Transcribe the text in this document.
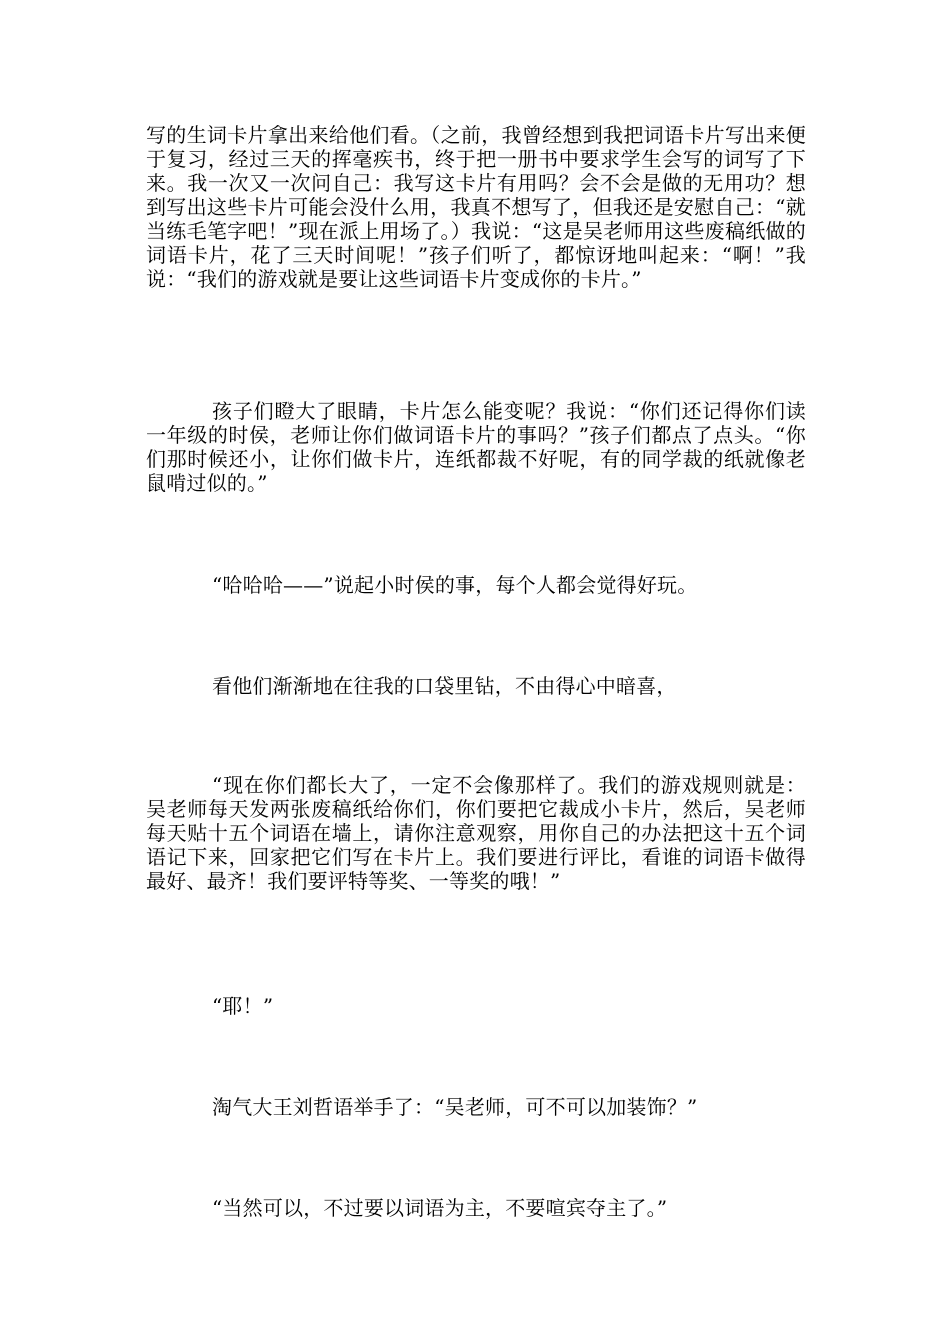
写的生词卡片拿出来给他们看。（之前，我曾经想到我把词语卡片写出来便于复习，经过三天的挥毫疾书，终于把一册书中要求学生会写的词写了下来。我一次又一次问自己：我写这卡片有用吗？会不会是做的无用功？想到写出这些卡片可能会没什么用，我真不想写了，但我还是安慰自己：“就当练毛笔字吧！”现在派上用场了。）我说：“这是吴老师用这些废稿纸做的词语卡片，花了三天时间呢！”孩子们听了，都惊讶地叫起来：“啊！”我说：“我们的游戏就是要让这些词语卡片变成你的卡片。”

孩子们瞪大了眼睛，卡片怎么能变呢？我说：“你们还记得你们读一年级的时侯，老师让你们做词语卡片的事吗？”孩子们都点了点头。“你们那时候还小，让你们做卡片，连纸都裁不好呢，有的同学裁的纸就像老鼠啃过似的。”

“哈哈哈——”说起小时侯的事，每个人都会觉得好玩。

看他们渐渐地在往我的口袋里钻，不由得心中暗喜，

“现在你们都长大了，一定不会像那样了。我们的游戏规则就是：吴老师每天发两张废稿纸给你们，你们要把它裁成小卡片，然后，吴老师每天贴十五个词语在墙上，请你注意观察，用你自己的办法把这十五个词语记下来，回家把它们写在卡片上。我们要进行评比，看谁的词语卡做得最好、最齐！我们要评特等奖、一等奖的哦！”

“耶！”

淘气大王刘哲语举手了：“吴老师，可不可以加装饰？”

“当然可以，不过要以词语为主，不要喧宾夺主了。”
